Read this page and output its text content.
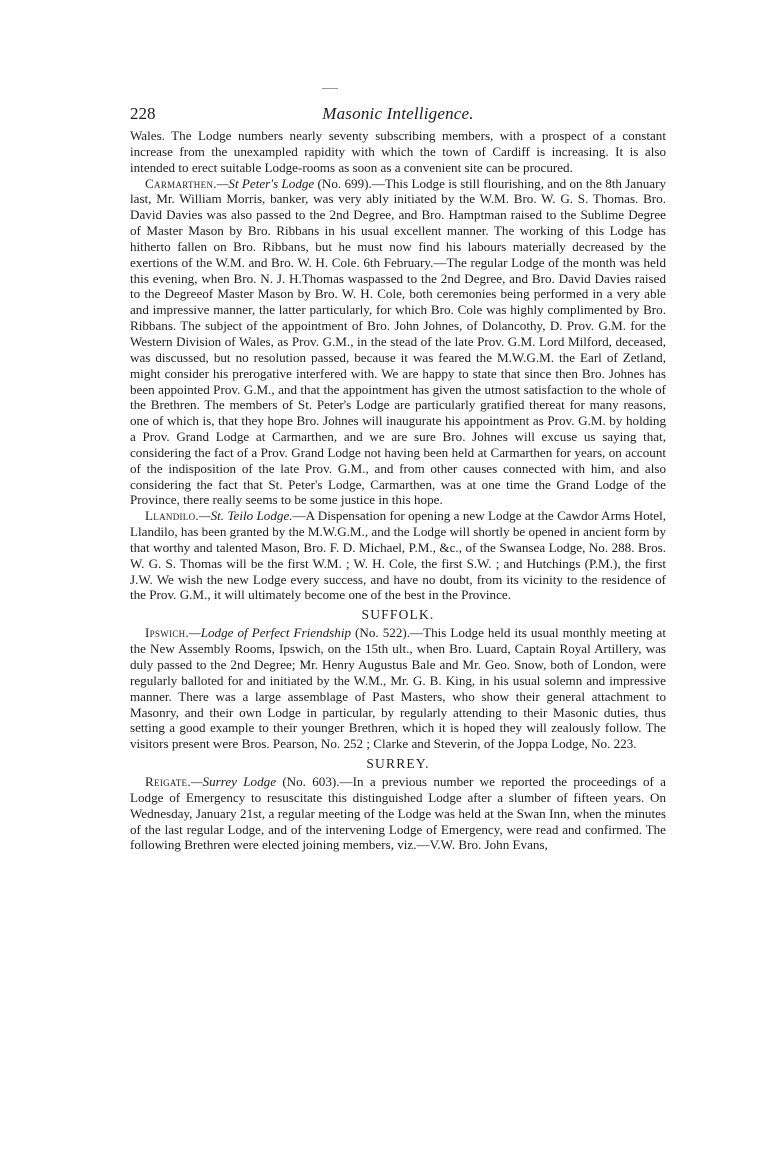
228	Masonic Intelligence.

Wales. The Lodge numbers nearly seventy subscribing members, with a prospect of a constant increase from the unexampled rapidity with which the town of Cardiff is increasing. It is also intended to erect suitable Lodge-rooms as soon as a convenient site can be procured.

Carmarthen.—St Peter's Lodge (No. 699).—This Lodge is still flourishing, and on the 8th January last, Mr. William Morris, banker, was very ably initiated by the W.M. Bro. W. G. S. Thomas. Bro. David Davies was also passed to the 2nd Degree, and Bro. Hamptman raised to the Sublime Degree of Master Mason by Bro. Ribbans in his usual excellent manner. The working of this Lodge has hitherto fallen on Bro. Ribbans, but he must now find his labours materially decreased by the exertions of the W.M. and Bro. W. H. Cole. 6th February.—The regular Lodge of the month was held this evening, when Bro. N. J. H.Thomas waspassed to the 2nd Degree, and Bro. David Davies raised to the Degreeof Master Mason by Bro. W. H. Cole, both ceremonies being performed in a very able and impressive manner, the latter particularly, for which Bro. Cole was highly complimented by Bro. Ribbans. The subject of the appointment of Bro. John Johnes, of Dolancothy, D. Prov. G.M. for the Western Division of Wales, as Prov. G.M., in the stead of the late Prov. G.M. Lord Milford, deceased, was discussed, but no resolution passed, because it was feared the M.W.G.M. the Earl of Zetland, might consider his prerogative interfered with. We are happy to state that since then Bro. Johnes has been appointed Prov. G.M., and that the appointment has given the utmost satisfaction to the whole of the Brethren. The members of St. Peter's Lodge are particularly gratified thereat for many reasons, one of which is, that they hope Bro. Johnes will inaugurate his appointment as Prov. G.M. by holding a Prov. Grand Lodge at Carmarthen, and we are sure Bro. Johnes will excuse us saying that, considering the fact of a Prov. Grand Lodge not having been held at Carmarthen for years, on account of the indisposition of the late Prov. G.M., and from other causes connected with him, and also considering the fact that St. Peter's Lodge, Carmarthen, was at one time the Grand Lodge of the Province, there really seems to be some justice in this hope.

Llandilo.—St. Teilo Lodge.—A Dispensation for opening a new Lodge at the Cawdor Arms Hotel, Llandilo, has been granted by the M.W.G.M., and the Lodge will shortly be opened in ancient form by that worthy and talented Mason, Bro. F. D. Michael, P.M., &c., of the Swansea Lodge, No. 288. Bros. W. G. S. Thomas will be the first W.M. ; W. H. Cole, the first S.W. ; and Hutchings (P.M.), the first J.W. We wish the new Lodge every success, and have no doubt, from its vicinity to the residence of the Prov. G.M., it will ultimately become one of the best in the Province.

SUFFOLK.

Ipswich.—Lodge of Perfect Friendship (No. 522).—This Lodge held its usual monthly meeting at the New Assembly Rooms, Ipswich, on the 15th ult., when Bro. Luard, Captain Royal Artillery, was duly passed to the 2nd Degree; Mr. Henry Augustus Bale and Mr. Geo. Snow, both of London, were regularly balloted for and initiated by the W.M., Mr. G. B. King, in his usual solemn and impressive manner. There was a large assemblage of Past Masters, who show their general attachment to Masonry, and their own Lodge in particular, by regularly attending to their Masonic duties, thus setting a good example to their younger Brethren, which it is hoped they will zealously follow. The visitors present were Bros. Pearson, No. 252 ; Clarke and Steverin, of the Joppa Lodge, No. 223.

SURREY.

Reigate.—Surrey Lodge (No. 603).—In a previous number we reported the proceedings of a Lodge of Emergency to resuscitate this distinguished Lodge after a slumber of fifteen years. On Wednesday, January 21st, a regular meeting of the Lodge was held at the Swan Inn, when the minutes of the last regular Lodge, and of the intervening Lodge of Emergency, were read and confirmed. The following Brethren were elected joining members, viz.—V.W. Bro. John Evans,
